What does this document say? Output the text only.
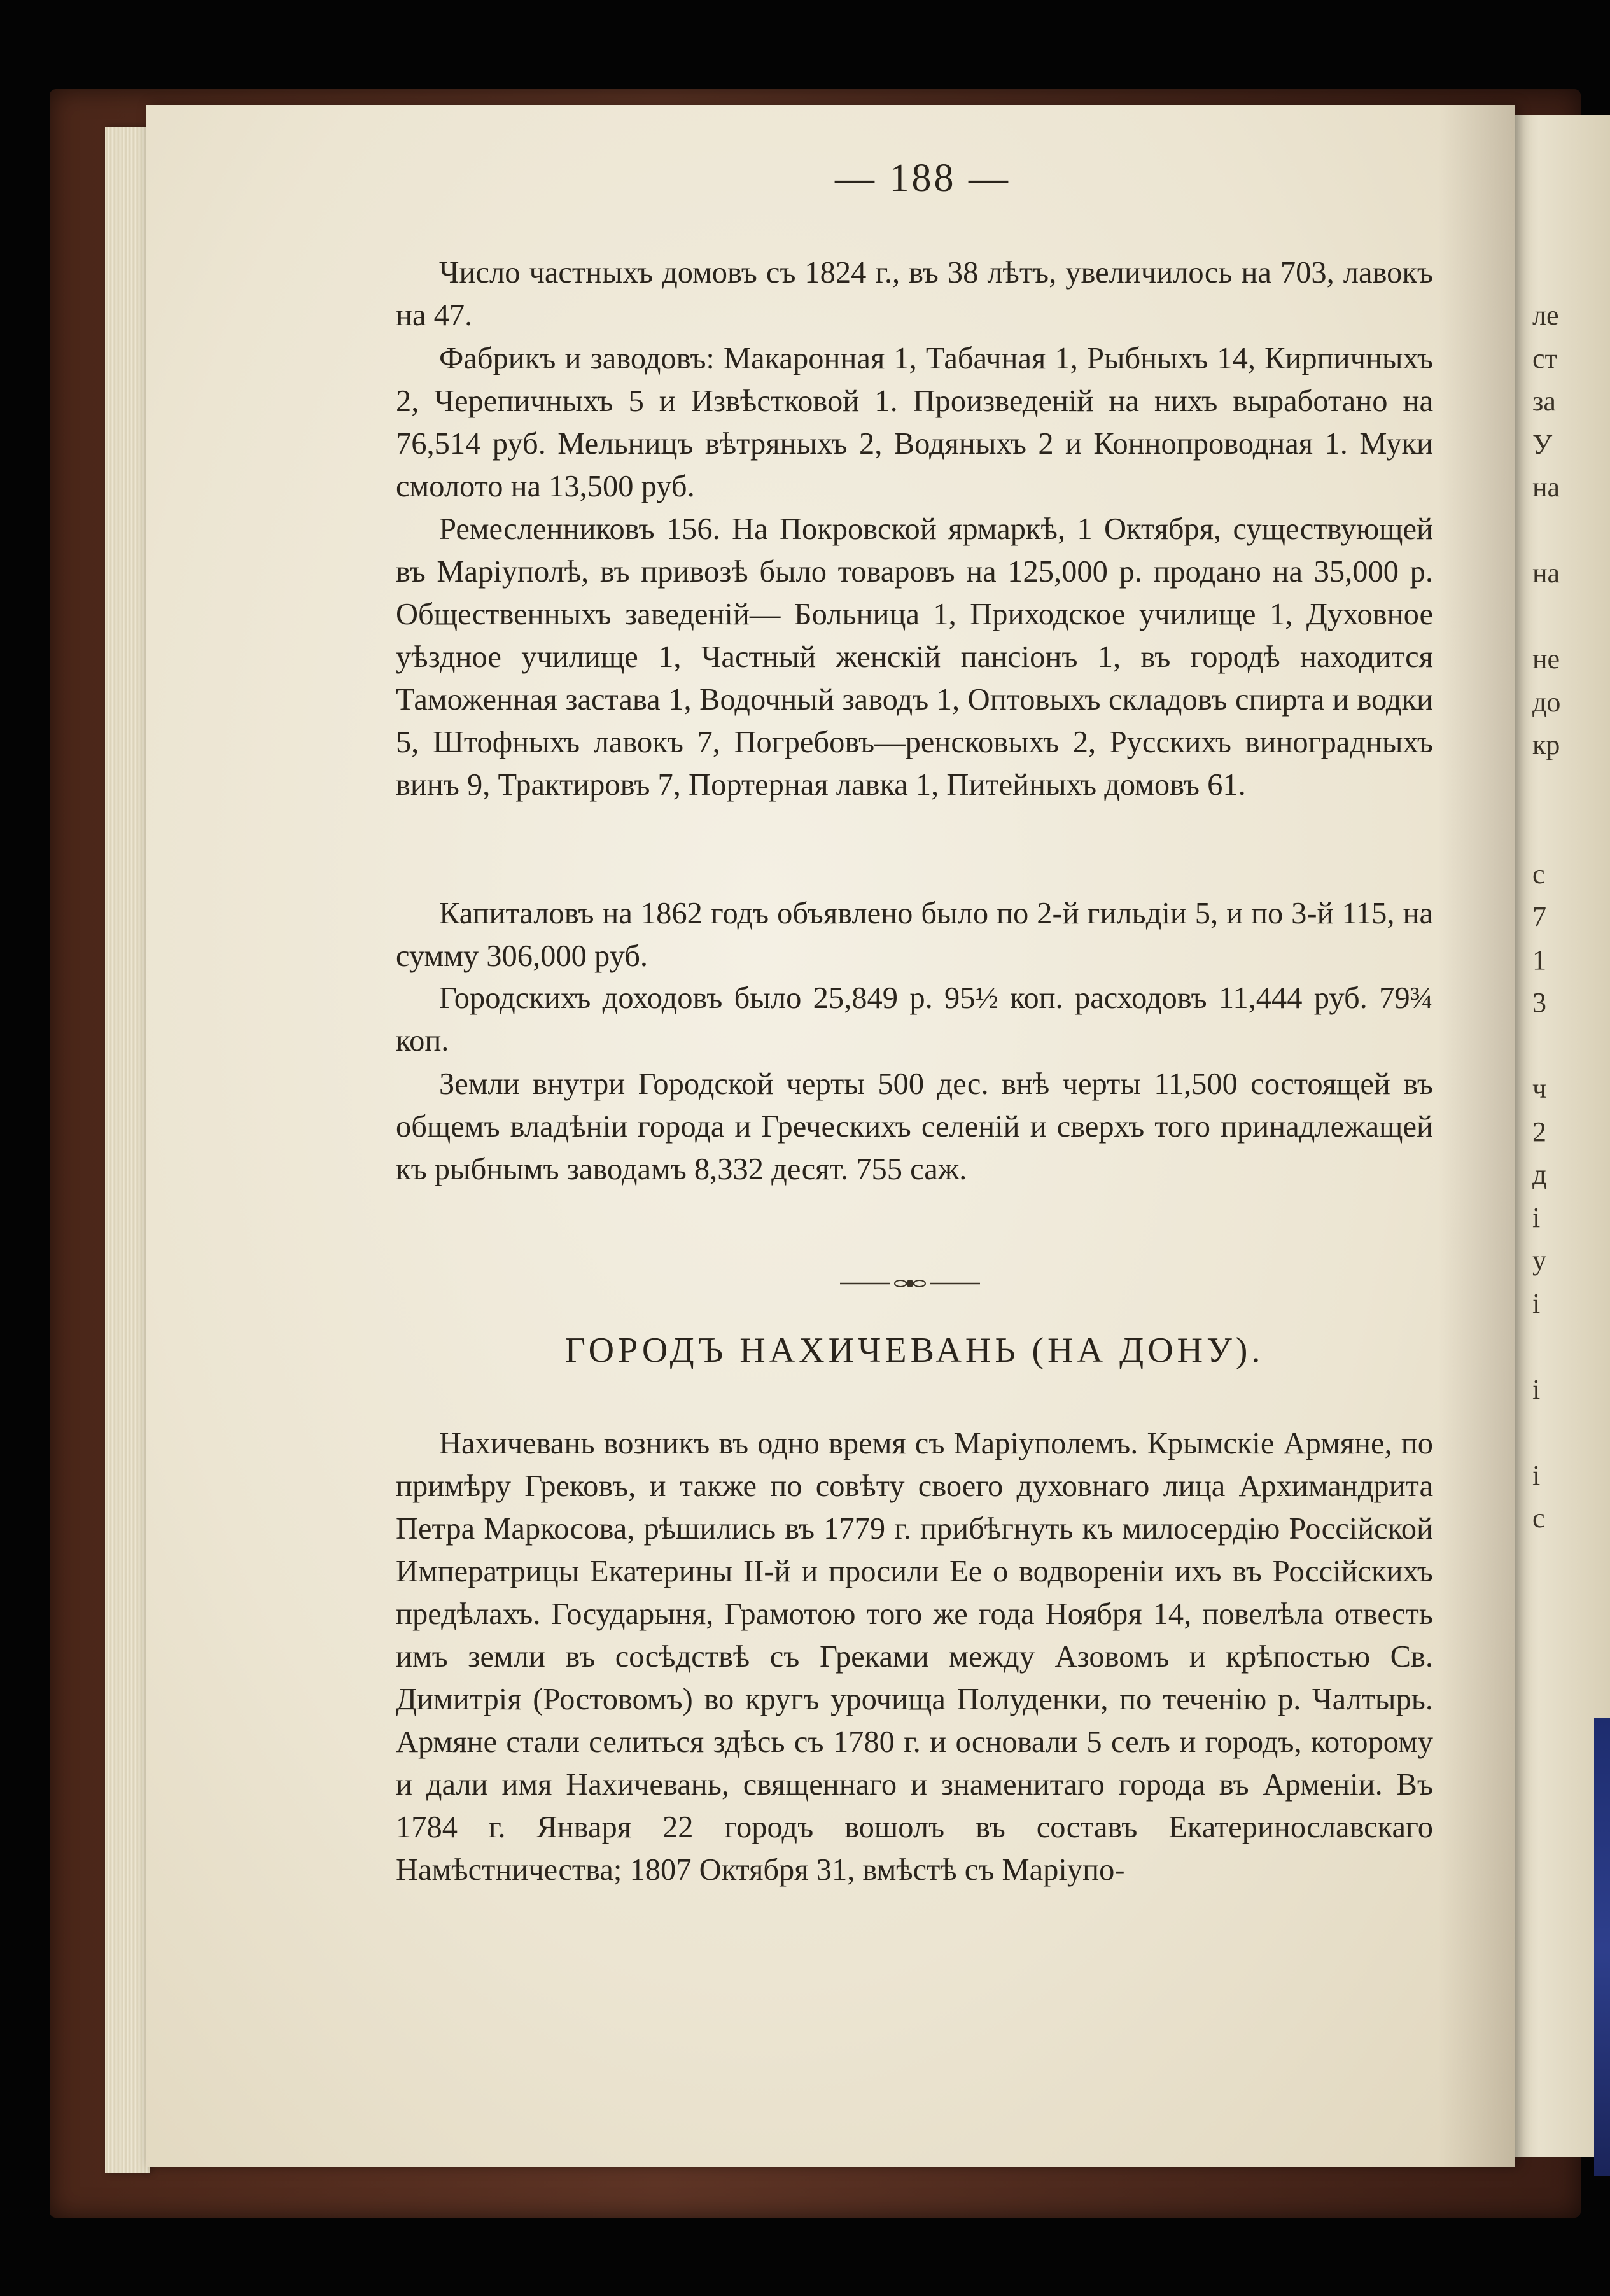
ле
ст
за
У
на
на
не
до
кр
с
7
1
3
ч
2
д
і
у
і
і
і
с
— 188 —

Число частныхъ домовъ съ 1824 г., въ 38 лѣтъ, увеличилось на 703, лавокъ на 47.

Фабрикъ и заводовъ: Макаронная 1, Табачная 1, Рыбныхъ 14, Кирпичныхъ 2, Черепичныхъ 5 и Извѣстковой 1. Произведеній на нихъ выработано на 76,514 руб. Мельницъ вѣтряныхъ 2, Водяныхъ 2 и Коннопроводная 1. Муки смолото на 13,500 руб.

Ремесленниковъ 156. На Покровской ярмаркѣ, 1 Октября, существующей въ Маріуполѣ, въ привозѣ было товаровъ на 125,000 р. продано на 35,000 р. Общественныхъ заведеній— Больница 1, Приходское училище 1, Духовное уѣздное училище 1, Частный женскій пансіонъ 1, въ городѣ находится Таможенная застава 1, Водочный заводъ 1, Оптовыхъ складовъ спирта и водки 5, Штофныхъ лавокъ 7, Погребовъ—ренсковыхъ 2, Русскихъ виноградныхъ винъ 9, Трактировъ 7, Портерная лавка 1, Питейныхъ домовъ 61.

Капиталовъ на 1862 годъ объявлено было по 2-й гильдіи 5, и по 3-й 115, на сумму 306,000 руб.

Городскихъ доходовъ было 25,849 р. 95½ коп. расходовъ 11,444 руб. 79¾ коп.

Земли внутри Городской черты 500 дес. внѣ черты 11,500 состоящей въ общемъ владѣніи города и Греческихъ селеній и сверхъ того принадлежащей къ рыбнымъ заводамъ 8,332 десят. 755 саж.

ГОРОДЪ НАХИЧЕВАНЬ (НА ДОНУ).

Нахичевань возникъ въ одно время съ Маріуполемъ. Крымскіе Армяне, по примѣру Грековъ, и также по совѣту своего духовнаго лица Архимандрита Петра Маркосова, рѣшились въ 1779 г. прибѣгнуть къ милосердію Россійской Императрицы Екатерины II-й и просили Ее о водвореніи ихъ въ Россійскихъ предѣлахъ. Государыня, Грамотою того же года Ноября 14, повелѣла отвесть имъ земли въ сосѣдствѣ съ Греками между Азовомъ и крѣпостью Св. Димитрія (Ростовомъ) во кругъ урочища Полуденки, по теченію р. Чалтырь. Армяне стали селиться здѣсь съ 1780 г. и основали 5 селъ и городъ, которому и дали имя Нахичевань, священнаго и знаменитаго города въ Арменіи. Въ 1784 г. Января 22 городъ вошолъ въ составъ Екатеринославскаго Намѣстничества; 1807 Октября 31, вмѣстѣ съ Маріупо-
